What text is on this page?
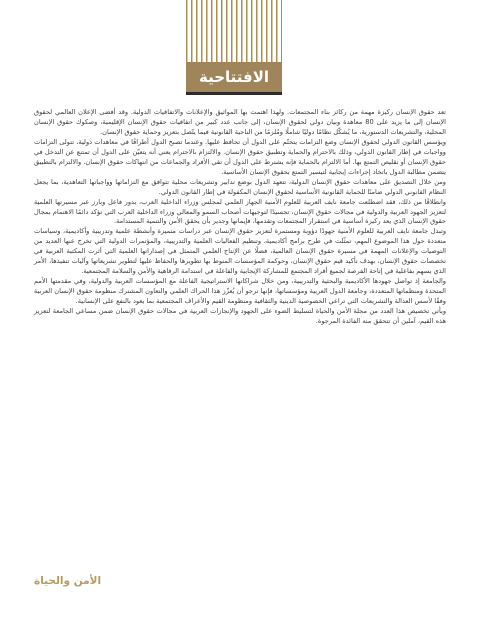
الافتتاحية

تعد حقوق الإنسان ركيزة مهمة من ركائز بناء المجتمعات. ولهذا اهتمت بها المواثيق والإعلانات والاتفاقيات الدولية. وقد أفضى الإعلان العالمي لحقوق الإنسان إلى ما يزيد على 80 معاهدة وبيان دولي لحقوق الإنسان، إلى جانب عدد كبير من اتفاقيات حقوق الإنسان الإقليمية، وصكوك حقوق الإنسان المحلية، والتشريعات الدستورية، ما يُشكّل نظامًا دوليًا شاملًا ومُلزمًا من الناحية القانونية فيما يتّصل بتعزيز وحماية حقوق الإنسان.

ويؤسس القانون الدولي لحقوق الإنسان وضع التزامات يتحتّم على الدول أن تحافظ عليها. وعندما تصبح الدول أطرافًا في معاهدات دولية، تتولى التزامات وواجبات في إطار القانون الدولي، وذلك بالاحترام والحماية وتطبيق حقوق الإنسان. والالتزام بالاحترام يعني أنه يتعيّن على الدول أن تمتنع عن التدخل في حقوق الإنسان أو تقليص التمتع بها. أما الالتزام بالحماية فإنه يشترط على الدول أن تقي الأفراد والجماعات من انتهاكات حقوق الإنسان. والالتزام بالتطبيق يتضمن مطالبة الدول باتخاذ إجراءات إيجابية لتيسير التمتع بحقوق الإنسان الأساسية.

ومن خلال التصديق على معاهدات حقوق الإنسان الدولية، تتعهد الدول بوضع تدابير وتشريعات محلية تتوافق مع التزاماتها وواجباتها التعاهدية، بما يجعل النظام القانوني الدولي ضامنًا للحماية القانونية الأساسية لحقوق الإنسان المكفولة في إطار القانون الدولي.

وانطلاقًا من ذلك، فقد اضطلعت جامعة نايف العربية للعلوم الأمنية الجهاز العلمي لمجلس وزراء الداخلية العرب، بدور فاعل وبارز عبر مسيرتها العلمية لتعزيز الجهود العربية والدولية في مجالات حقوق الإنسان، تجسيدًا لتوجيهات أصحاب السمو والمعالي وزراء الداخلية العرب التي تؤكد دائمًا الاهتمام بمجال حقوق الإنسان الذي يعد ركيزة أساسية في استقرار المجتمعات وتقدمها، فإيمانها وجدير بأن يحقق الأمن والتنمية المستدامة.

وتبذل جامعة نايف العربية للعلوم الأمنية جهودًا دؤوبة ومستمرة لتعزيز حقوق الإنسان عبر دراسات متميزة وأنشطة علمية وتدريبية وأكاديمية، وسياسات متعددة حول هذا الموضوع المهم، تمثّلت في طرح برامج أكاديمية، وتنظيم الفعاليات العلمية والتدريبية، والمؤتمرات الدولية التي تخرج عنها العديد من التوصيات والإعلانات المهمة في مسيرة حقوق الإنسان العالمية، فضلًا عن الإنتاج العلمي المتمثل في إصداراتها العلمية التي أثرت المكتبة العربية في تخصصات حقوق الإنسان، بهدف تأكيد قيم حقوق الإنسان، وحوكمة المؤسسات المنوط بها تطويرها والحفاظ عليها لتطوير تشريعاتها وآليات تنفيذها، الأمر الذي يسهم بفاعلية في إتاحة الفرصة لجميع أفراد المجتمع للمشاركة الإيجابية والفاعلة في استدامة الرفاهية والأمن والسلامة المجتمعية.

والجامعة إذ تواصل جهودها الأكاديمية والبحثية والتدريبية، ومن خلال شراكاتها الاستراتيجية الفاعلة مع المؤسسات العربية والدولية، وفي مقدمتها الأمم المتحدة ومنظماتها المتعددة، وجامعة الدول العربية ومؤسساتها، فإنها ترجو أن يُعزّز هذا الحراك العلمي والتعاون المشترك منظومة حقوق الإنسان العربية وفقًا لأسس العدالة والتشريعات التي تراعي الخصوصية الدينية والثقافية ومنظومة القيم والأعراف المجتمعية بما يعود بالنفع على الإنسانية.

ويأتي تخصيص هذا العدد من مجلة الأمن والحياة لتسليط الضوء على الجهود والإنجازات العربية في مجالات حقوق الإنسان ضمن مساعي الجامعة لتعزيز هذه القيم، آملين أن تتحقق منه الفائدة المرجوة.

الأمن والحياة
